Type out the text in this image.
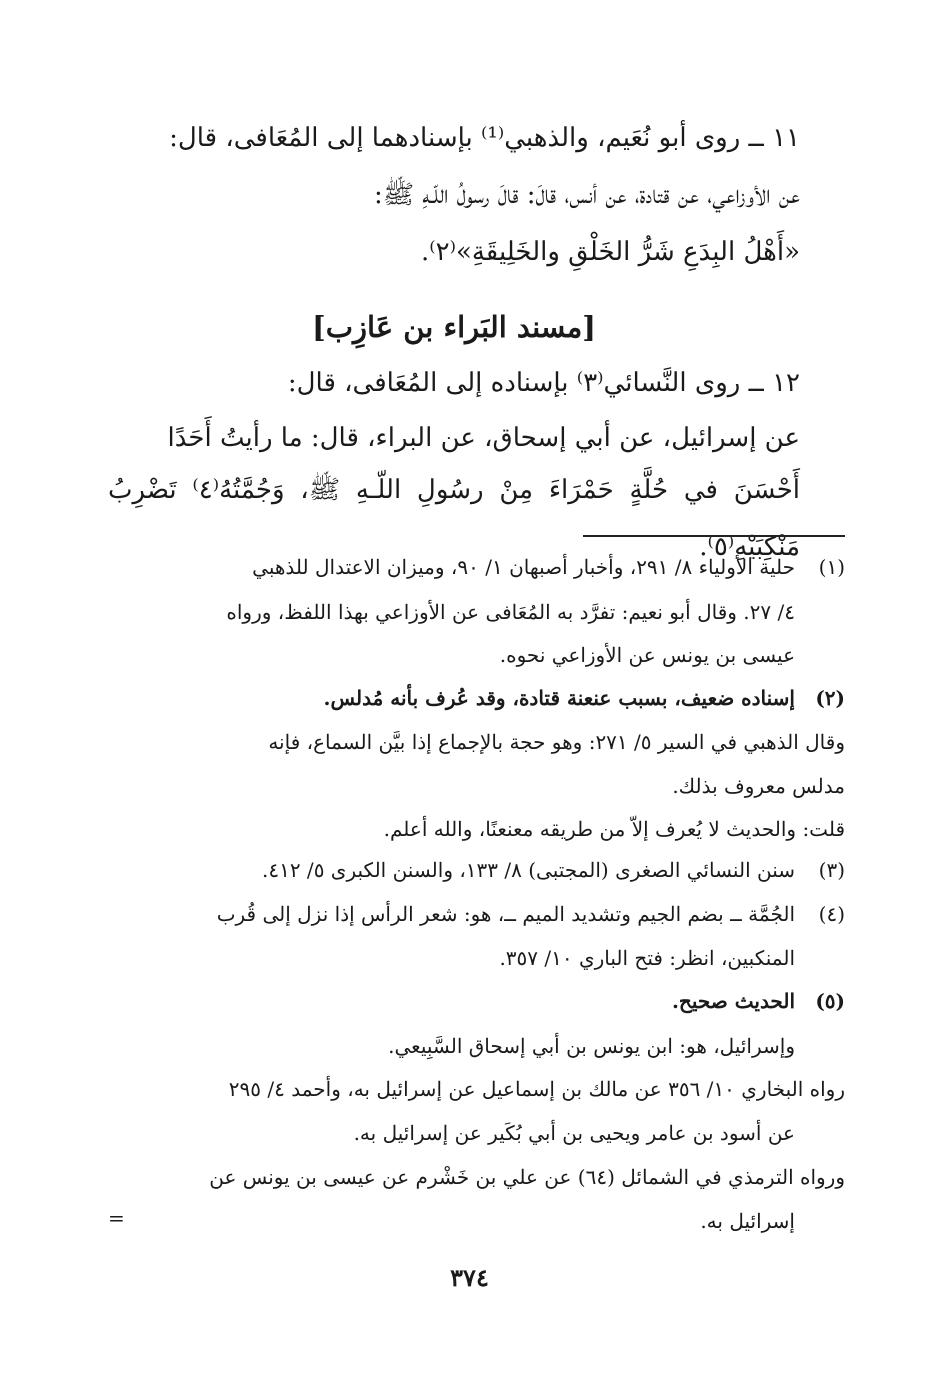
١١ ــ روى أبو نُعَيم، والذهبي⁽¹⁾ بإسنادهما إلى المُعَافى، قال:
عن الأوزاعي، عن قتادة، عن أنس، قالَ: قالَ رسولُ اللّـهِ ﷺ:
«أَهْلُ البِدَعِ شَرُّ الخَلْقِ والخَلِيقَةِ»⁽٢⁾.
١٢ ــ روى النَّسائي⁽٣⁾ بإسناده إلى المُعَافى، قال:
عن إسرائيل، عن أبي إسحاق، عن البراء، قال: ما رأيتُ أَحَدًا
أَحْسَنَ في حُلَّةٍ حَمْرَاءَ مِنْ رسُولِ اللّـهِ ﷺ، وَجُمَّتُهُ⁽٤⁾ تَضْرِبُ مَنْكِبَيْهِ⁽٥⁾.
[مسند البَراء بن عَازِب]
(١)
حلية الأولياء ٨/ ٢٩١، وأخبار أصبهان ١/ ٩٠، وميزان الاعتدال للذهبي
٤/ ٢٧. وقال أبو نعيم: تفرَّد به المُعَافى عن الأوزاعي بهذا اللفظ، ورواه
عيسى بن يونس عن الأوزاعي نحوه.
(٢)
إسناده ضعيف، بسبب عنعنة قتادة، وقد عُرف بأنه مُدلس.
وقال الذهبي في السير ٥/ ٢٧١: وهو حجة بالإجماع إذا بيَّن السماع، فإنه
مدلس معروف بذلك.
قلت: والحديث لا يُعرف إلاّ من طريقه معنعنًا، والله أعلم.
(٣)
سنن النسائي الصغرى (المجتبى) ٨/ ١٣٣، والسنن الكبرى ٥/ ٤١٢.
(٤)
الجُمَّة ــ بضم الجيم وتشديد الميم ــ، هو: شعر الرأس إذا نزل إلى قُرب
المنكبين، انظر: فتح الباري ١٠/ ٣٥٧.
(٥)
الحديث صحيح.
وإسرائيل، هو: ابن يونس بن أبي إسحاق السَّبِيعي.
رواه البخاري ١٠/ ٣٥٦ عن مالك بن إسماعيل عن إسرائيل به، وأحمد ٤/ ٢٩٥
عن أسود بن عامر ويحيى بن أبي بُكَير عن إسرائيل به.
ورواه الترمذي في الشمائل (٦٤) عن علي بن خَشْرم عن عيسى بن يونس عن
إسرائيل به.
=
٣٧٤
